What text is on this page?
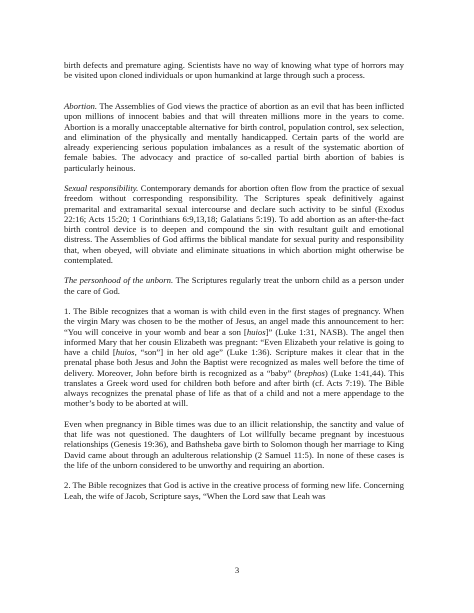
birth defects and premature aging. Scientists have no way of knowing what type of horrors may be visited upon cloned individuals or upon humankind at large through such a process.

Abortion. The Assemblies of God views the practice of abortion as an evil that has been inflicted upon millions of innocent babies and that will threaten millions more in the years to come. Abortion is a morally unacceptable alternative for birth control, population control, sex selection, and elimination of the physically and mentally handicapped. Certain parts of the world are already experiencing serious population imbalances as a result of the systematic abortion of female babies. The advocacy and practice of so-called partial birth abortion of babies is particularly heinous.

Sexual responsibility. Contemporary demands for abortion often flow from the practice of sexual freedom without corresponding responsibility. The Scriptures speak definitively against premarital and extramarital sexual intercourse and declare such activity to be sinful (Exodus 22:16; Acts 15:20; 1 Corinthians 6:9,13,18; Galatians 5:19). To add abortion as an after-the-fact birth control device is to deepen and compound the sin with resultant guilt and emotional distress. The Assemblies of God affirms the biblical mandate for sexual purity and responsibility that, when obeyed, will obviate and eliminate situations in which abortion might otherwise be contemplated.

The personhood of the unborn. The Scriptures regularly treat the unborn child as a person under the care of God.

1. The Bible recognizes that a woman is with child even in the first stages of pregnancy. When the virgin Mary was chosen to be the mother of Jesus, an angel made this announcement to her: “You will conceive in your womb and bear a son [huios]” (Luke 1:31, NASB). The angel then informed Mary that her cousin Elizabeth was pregnant: “Even Elizabeth your relative is going to have a child [huios, “son”] in her old age” (Luke 1:36). Scripture makes it clear that in the prenatal phase both Jesus and John the Baptist were recognized as males well before the time of delivery. Moreover, John before birth is recognized as a “baby” (brephos) (Luke 1:41,44). This translates a Greek word used for children both before and after birth (cf. Acts 7:19). The Bible always recognizes the prenatal phase of life as that of a child and not a mere appendage to the mother’s body to be aborted at will.

Even when pregnancy in Bible times was due to an illicit relationship, the sanctity and value of that life was not questioned. The daughters of Lot willfully became pregnant by incestuous relationships (Genesis 19:36), and Bathsheba gave birth to Solomon though her marriage to King David came about through an adulterous relationship (2 Samuel 11:5). In none of these cases is the life of the unborn considered to be unworthy and requiring an abortion.

2. The Bible recognizes that God is active in the creative process of forming new life. Concerning Leah, the wife of Jacob, Scripture says, “When the Lord saw that Leah was

3
